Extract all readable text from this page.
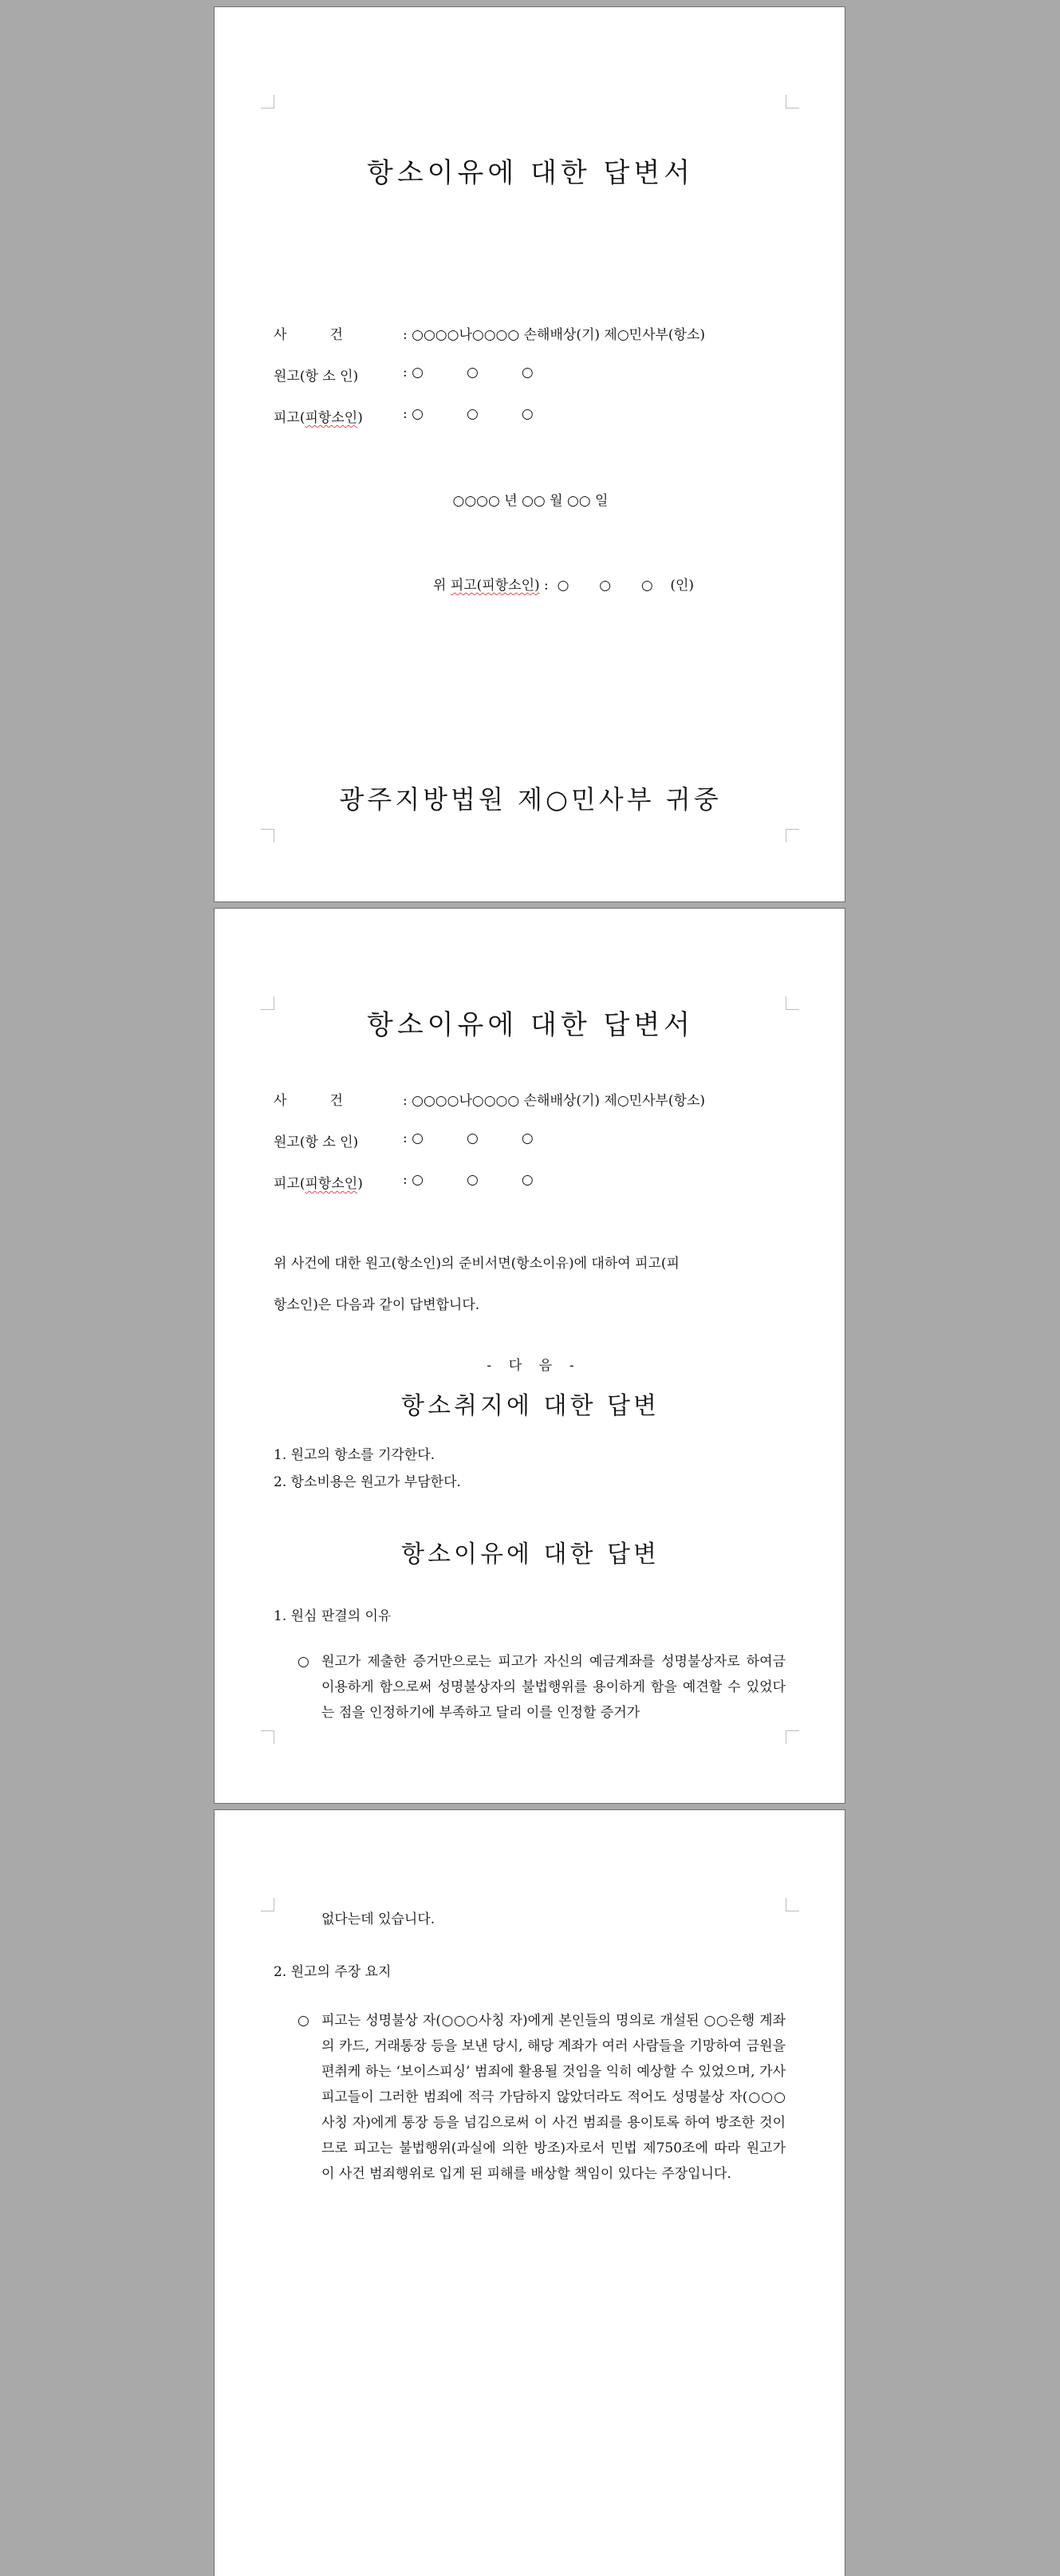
항소이유에 대한 답변서
사          건	: ○○○○나○○○○ 손해배상(기) 제○민사부(항소)
원고(항 소 인)	: ○          ○          ○
피고(피항소인)	: ○          ○          ○
○○○○ 년 ○○ 월 ○○ 일
위 피고(피항소인) :  ○       ○       ○    (인)
광주지방법원 제○민사부 귀중
항소이유에 대한 답변서
사          건	: ○○○○나○○○○ 손해배상(기) 제○민사부(항소)
원고(항 소 인)	: ○          ○          ○
피고(피항소인)	: ○          ○          ○
위 사건에 대한 원고(항소인)의 준비서면(항소이유)에 대하여 피고(피
항소인)은 다음과 같이 답변합니다.
-    다    음    -
항소취지에 대한 답변
1. 원고의 항소를 기각한다.
2. 항소비용은 원고가 부담한다.
항소이유에 대한 답변
1. 원심 판결의 이유
○ 원고가 제출한 증거만으로는 피고가 자신의 예금계좌를 성명불상자로 하여금 이용하게 함으로써 성명불상자의 불법행위를 용이하게 함을 예견할 수 있었다는 점을 인정하기에 부족하고 달리 이를 인정할 증거가
없다는데 있습니다.
2. 원고의 주장 요지
○ 피고는 성명불상 자(○○○사칭 자)에게 본인들의 명의로 개설된 ○○은행 계좌의 카드, 거래통장 등을 보낸 당시, 해당 계좌가 여러 사람들을 기망하여 금원을 편취케 하는 ‘보이스피싱’ 범죄에 활용될 것임을 익히 예상할 수 있었으며, 가사 피고들이 그러한 범죄에 적극 가담하지 않았더라도 적어도 성명불상 자(○○○ 사칭 자)에게 통장 등을 넘김으로써 이 사건 범죄를 용이토록 하여 방조한 것이므로 피고는 불법행위(과실에 의한 방조)자로서 민법 제750조에 따라 원고가 이 사건 범죄행위로 입게 된 피해를 배상할 책임이 있다는 주장입니다.
